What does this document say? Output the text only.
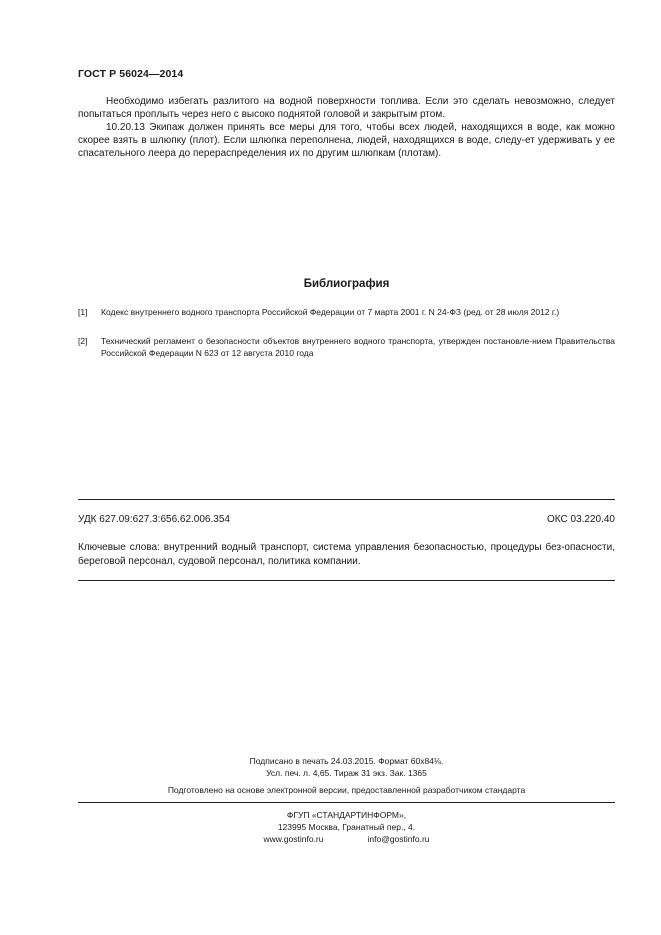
ГОСТ Р 56024—2014
Необходимо избегать разлитого на водной поверхности топлива. Если это сделать невозможно, следует попытаться проплыть через него с высоко поднятой головой и закрытым ртом.
10.20.13 Экипаж должен принять все меры для того, чтобы всех людей, находящихся в воде, как можно скорее взять в шлюпку (плот). Если шлюпка переполнена, людей, находящихся в воде, следу-ет удерживать у ее спасательного леера до перераспределения их по другим шлюпкам (плотам).
Библиография
[1]	Кодекс внутреннего водного транспорта Российской Федерации от 7 марта 2001 г. N 24-ФЗ (ред. от 28 июля 2012 г.)
[2]	Технический регламент о безопасности объектов внутреннего водного транспорта, утвержден постановле-нием Правительства Российской Федерации N 623 от 12 августа 2010 года
УДК 627.09:627.3:656.62.006.354	ОКС 03.220.40
Ключевые слова: внутренний водный транспорт, система управления безопасностью, процедуры без-опасности, береговой персонал, судовой персонал, политика компании.
Подписано в печать 24.03.2015. Формат 60x84⅛.
Усл. печ. л. 4,65. Тираж 31 экз. Зак. 1365
Подготовлено на основе электронной версии, предоставленной разработчиком стандарта
ФГУП «СТАНДАРТИНФОРМ»,
123995 Москва, Гранатный пер., 4.
www.gostinfo.ru	info@gostinfo.ru
